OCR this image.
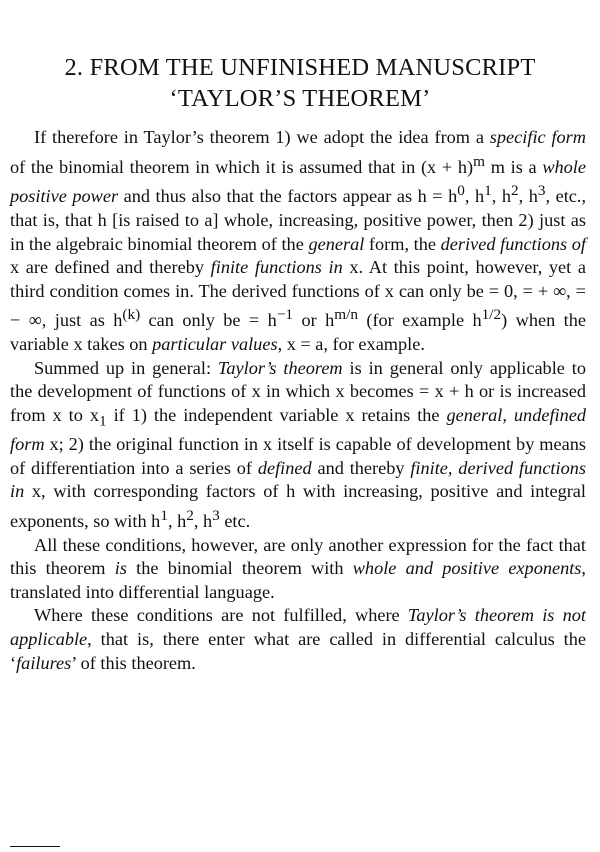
2. FROM THE UNFINISHED MANUSCRIPT
‘TAYLOR’S THEOREM’

If therefore in Taylor’s theorem 1) we adopt the idea from a specific form of the binomial theorem in which it is assumed that in $(x + h)^m$ m is a whole positive power and thus also that the factors appear as $h = h^0$, $h^1$, $h^2$, $h^3$, etc., that is, that h [is raised to a] whole, increasing, positive power, then 2) just as in the algebraic binomial theorem of the general form, the derived functions of x are defined and thereby finite functions in x. At this point, however, yet a third condition comes in. The derived functions of x can only be = 0, = + ∞, = − ∞, just as $h^{(k)}$ can only be = $h^{-1}$ or $h^{m/n}$ (for example $h^{1/2}$) when the variable x takes on particular values, x = a, for example.

Summed up in general: Taylor’s theorem is in general only applicable to the development of functions of x in which x becomes = x + h or is increased from x to $x_1$ if 1) the independent variable x retains the general, undefined form x; 2) the original function in x itself is capable of development by means of differentiation into a series of defined and thereby finite, derived functions in x, with corresponding factors of h with increasing, positive and integral exponents, so with $h^1$, $h^2$, $h^3$ etc.

All these conditions, however, are only another expression for the fact that this theorem is the binomial theorem with whole and positive exponents, translated into differential language.

Where these conditions are not fulfilled, where Taylor’s theorem is not applicable, that is, there enter what are called in differential calculus the ‘failures’ of this theorem.
